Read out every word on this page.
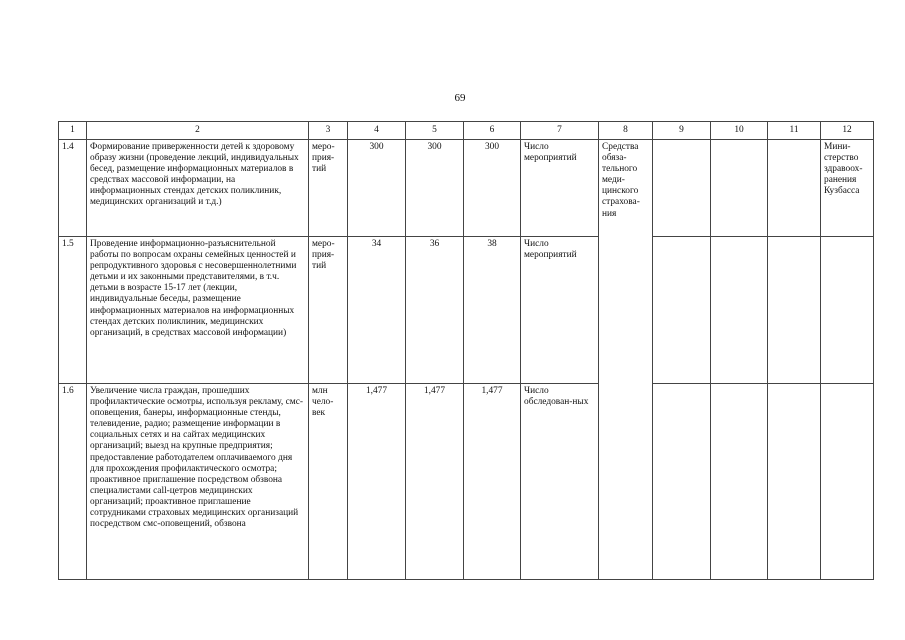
69
1	2	3	4	5	6	7	8	9	10	11	12
1.4	Формирование приверженности детей к здоровому образу жизни (проведение лекций, индивидуальных бесед, размещение информационных материалов в средствах массовой информации, на информационных стендах детских поликлиник, медицинских организаций и т.д.)	меро-прия-тий	300	300	300	Число мероприятий	Средства обяза-тельного меди-цинского страхова-ния				Мини-стерство здравоох-ранения Кузбасса
1.5	Проведение информационно-разъяснительной работы по вопросам охраны семейных ценностей и репродуктивного здоровья с несовершеннолетними детьми и их законными представителями, в т.ч. детьми в возрасте 15-17 лет (лекции, индивидуальные беседы, размещение информационных материалов на информационных стендах детских поликлиник, медицинских организаций, в средствах массовой информации)	меро-прия-тий	34	36	38	Число мероприятий					
1.6	Увеличение числа граждан, прошедших профилактические осмотры, используя рекламу, смс-оповещения, банеры, информационные стенды, телевидение, радио; размещение информации в социальных сетях и на сайтах медицинских организаций; выезд на крупные предприятия; предоставление работодателем оплачиваемого дня для прохождения профилактического осмотра; проактивное приглашение посредством обзвона специалистами call-цетров медицинских организаций; проактивное приглашение сотрудниками страховых медицинских организаций посредством смс-оповещений, обзвона	млн чело-век	1,477	1,477	1,477	Число обследован-ных					
